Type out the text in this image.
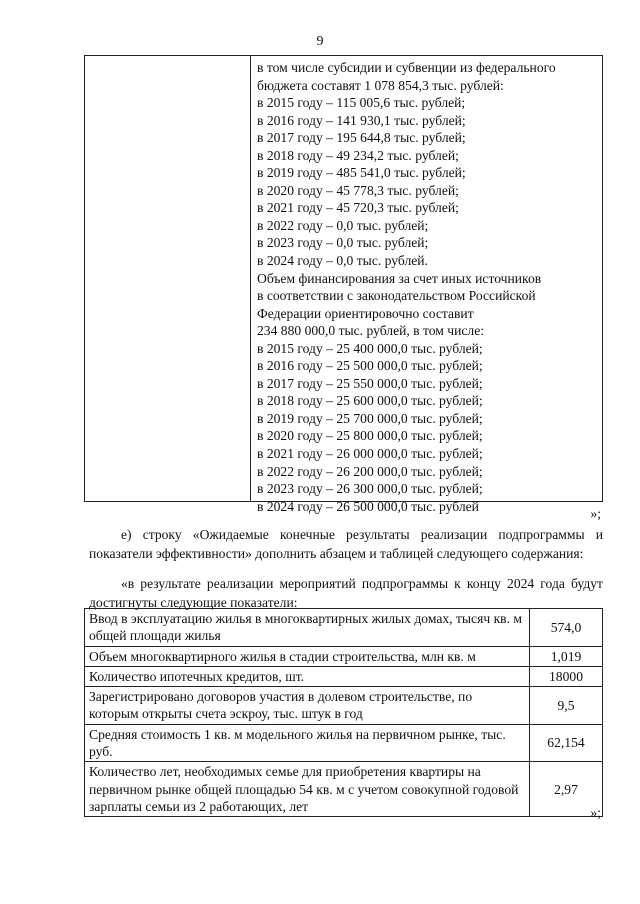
9
в том числе субсидии и субвенции из федерального
бюджета составят 1 078 854,3 тыс. рублей:
в 2015 году – 115 005,6 тыс. рублей;
в 2016 году – 141 930,1 тыс. рублей;
в 2017 году – 195 644,8 тыс. рублей;
в 2018 году – 49 234,2 тыс. рублей;
в 2019 году – 485 541,0 тыс. рублей;
в 2020 году – 45 778,3 тыс. рублей;
в 2021 году – 45 720,3 тыс. рублей;
в 2022 году – 0,0 тыс. рублей;
в 2023 году – 0,0 тыс. рублей;
в 2024 году – 0,0 тыс. рублей.
Объем финансирования за счет иных источников
в соответствии с законодательством Российской
Федерации ориентировочно составит
234 880 000,0 тыс. рублей, в том числе:
в 2015 году – 25 400 000,0 тыс. рублей;
в 2016 году – 25 500 000,0 тыс. рублей;
в 2017 году – 25 550 000,0 тыс. рублей;
в 2018 году – 25 600 000,0 тыс. рублей;
в 2019 году – 25 700 000,0 тыс. рублей;
в 2020 году – 25 800 000,0 тыс. рублей;
в 2021 году – 26 000 000,0 тыс. рублей;
в 2022 году – 26 200 000,0 тыс. рублей;
в 2023 году – 26 300 000,0 тыс. рублей;
в 2024 году – 26 500 000,0 тыс. рублей	»;
е) строку «Ожидаемые конечные результаты реализации подпрограммы и показатели эффективности» дополнить абзацем и таблицей следующего содержания:
«в результате реализации мероприятий подпрограммы к концу 2024 года будут достигнуты следующие показатели:
Ввод в эксплуатацию жилья в многоквартирных жилых домах, тысяч кв. м общей площади жилья	574,0
Объем многоквартирного жилья в стадии строительства, млн кв. м	1,019
Количество ипотечных кредитов, шт.	18000
Зарегистрировано договоров участия в долевом строительстве, по которым открыты счета эскроу, тыс. штук в год	9,5
Средняя стоимость 1 кв. м модельного жилья на первичном рынке, тыс. руб.	62,154
Количество лет, необходимых семье для приобретения квартиры на первичном рынке общей площадью 54 кв. м с учетом совокупной годовой зарплаты семьи из 2 работающих, лет	2,97
»;
